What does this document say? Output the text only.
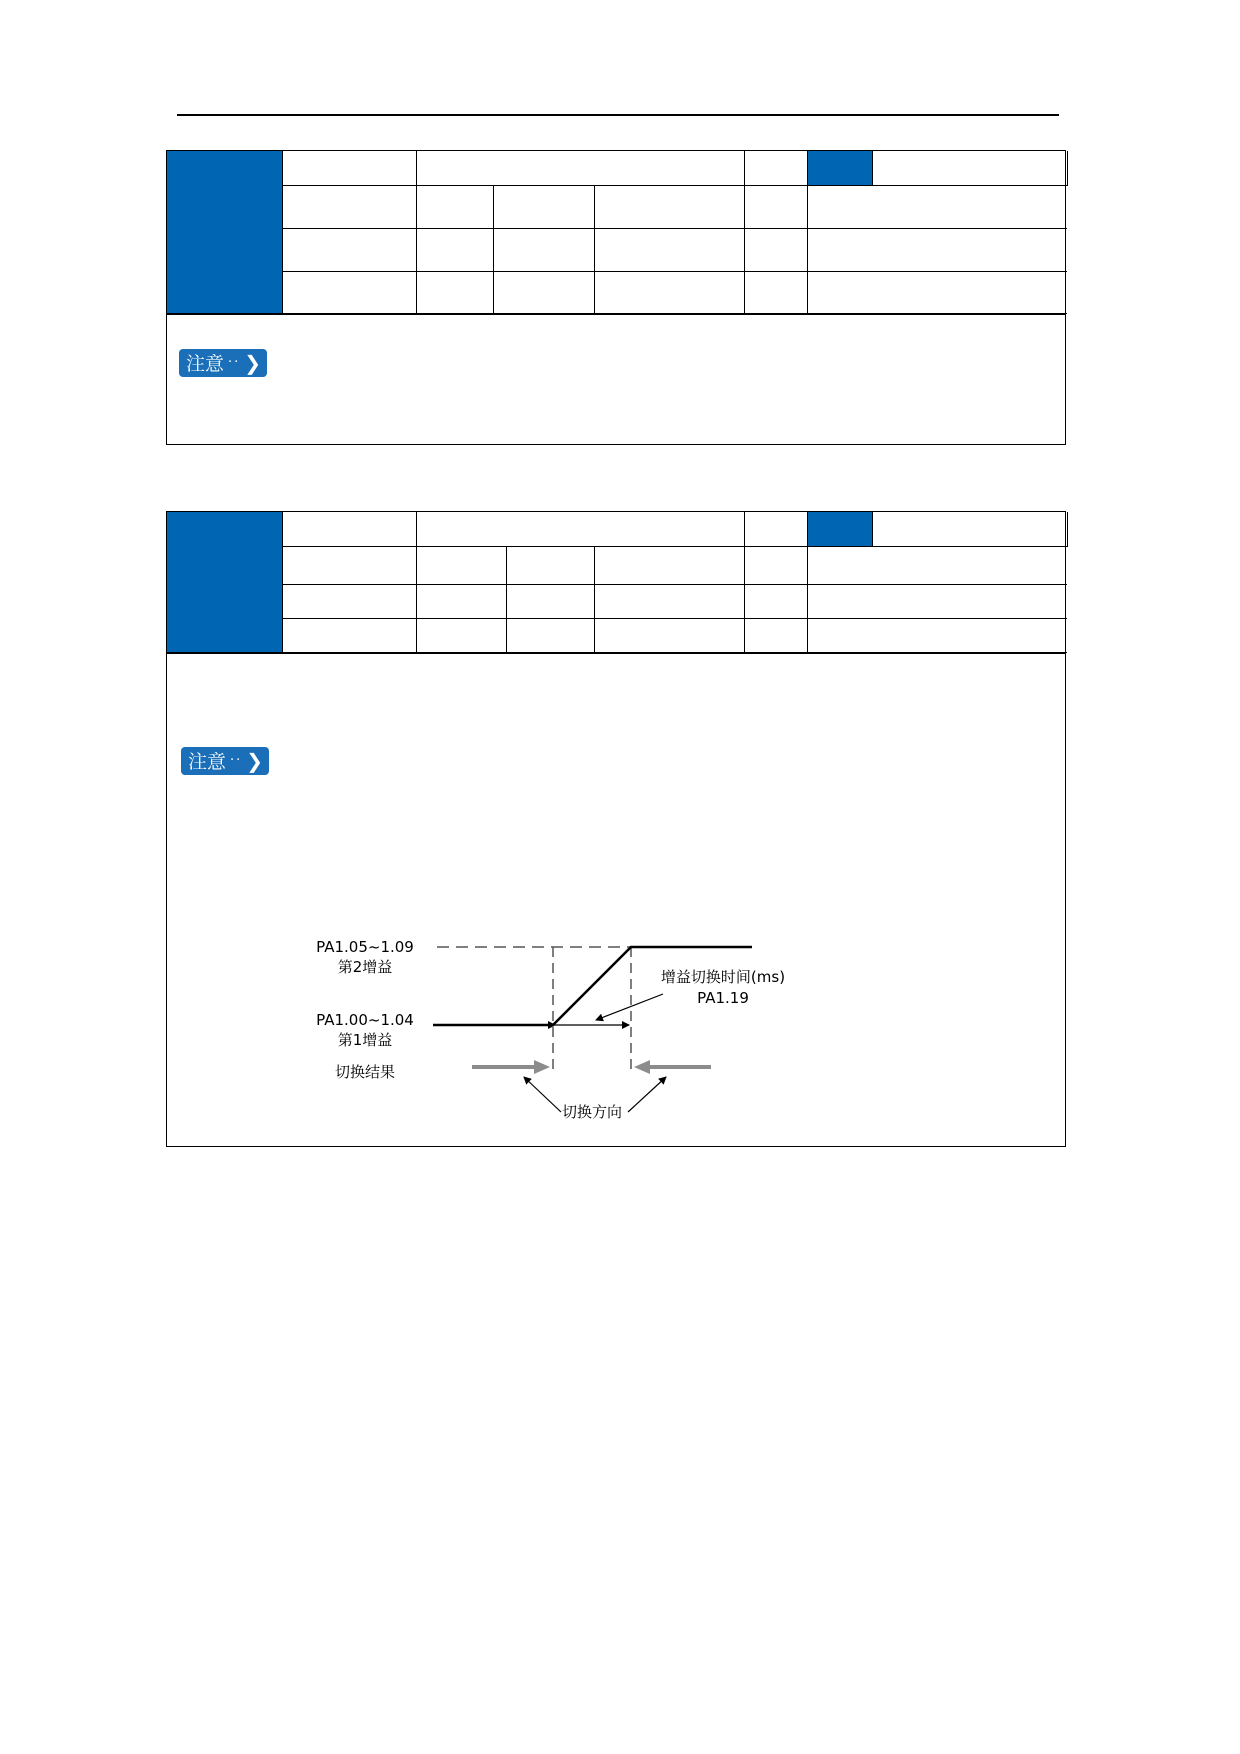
注意 ·· ❯

注意 ·· ❯
PA1.05~1.09
第2增益
PA1.00~1.04
第1增益
切换结果
增益切换时间(ms)
PA1.19
切换方向
